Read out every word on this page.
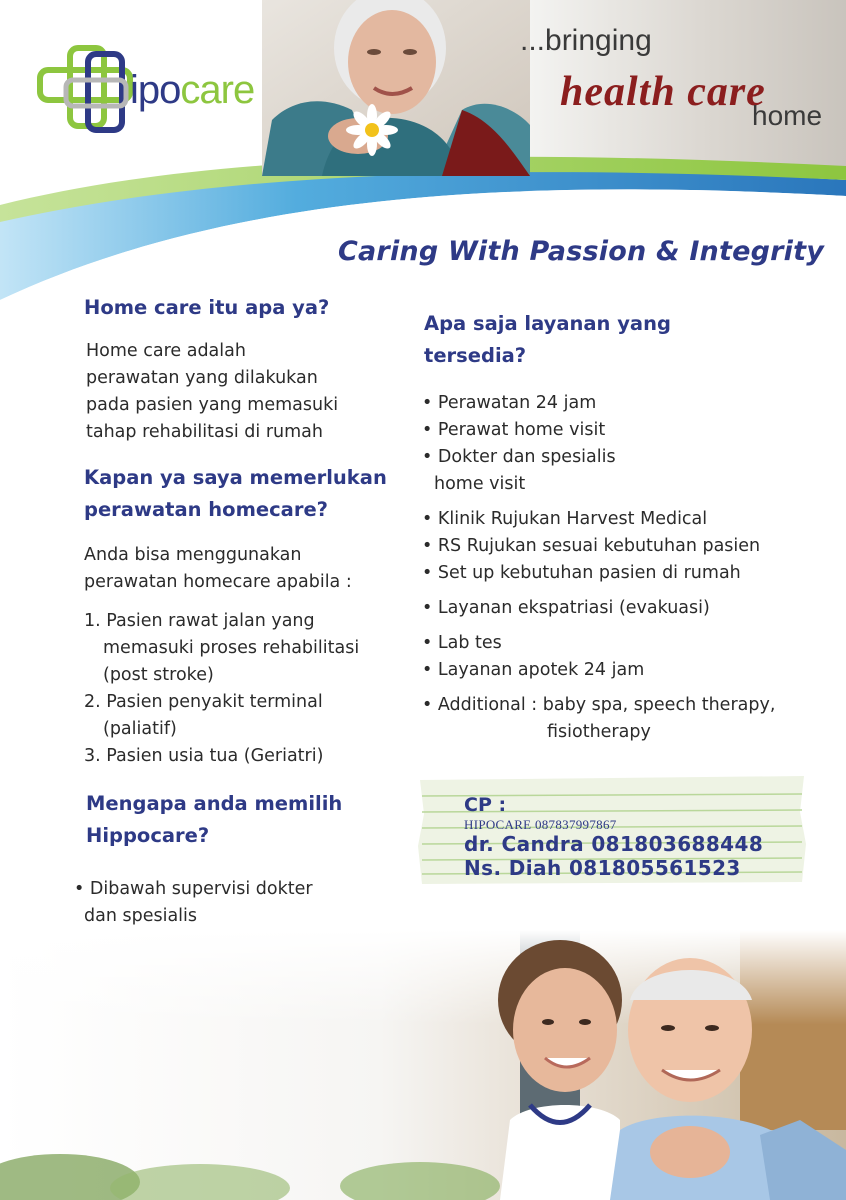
ipocare
...bringing
health care
home
Caring With Passion & Integrity
Home care itu apa ya?
Home care adalah
perawatan yang dilakukan
pada pasien yang memasuki
tahap rehabilitasi di rumah
Kapan ya saya memerlukan
perawatan homecare?
Anda bisa menggunakan
perawatan homecare apabila :
1. Pasien rawat jalan yang
memasuki proses rehabilitasi
(post stroke)
2. Pasien penyakit terminal
(paliatif)
3. Pasien usia tua (Geriatri)
Mengapa anda memilih
Hippocare?
• Dibawah supervisi dokter
dan spesialis
Apa saja layanan yang
tersedia?
• Perawatan 24 jam
• Perawat home visit
• Dokter dan spesialis
home visit
• Klinik Rujukan Harvest Medical
• RS Rujukan sesuai kebutuhan pasien
• Set up kebutuhan pasien di rumah
• Layanan ekspatriasi (evakuasi)
• Lab tes
• Layanan apotek 24 jam
• Additional : baby spa, speech therapy,
fisiotherapy
CP :
HIPOCARE 087837997867
dr. Candra 081803688448
Ns. Diah 081805561523
